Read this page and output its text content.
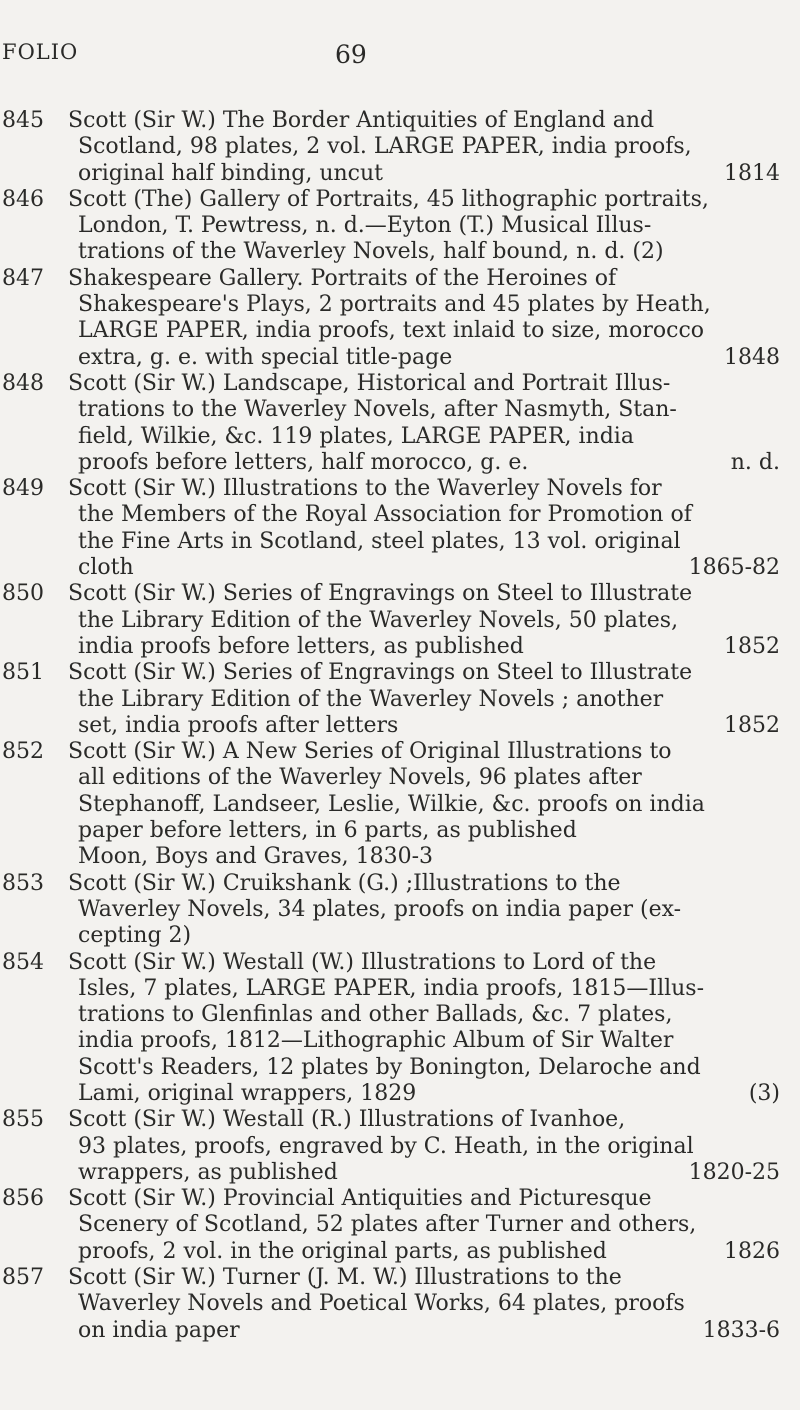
FOLIO	69
845 Scott (Sir W.) The Border Antiquities of England and
Scotland, 98 plates, 2 vol. LARGE PAPER, india proofs,
original half binding, uncut	1814
846 Scott (The) Gallery of Portraits, 45 lithographic portraits,
London, T. Pewtress, n. d.—Eyton (T.) Musical Illus-
trations of the Waverley Novels, half bound, n. d. (2)
847 Shakespeare Gallery. Portraits of the Heroines of
Shakespeare's Plays, 2 portraits and 45 plates by Heath,
LARGE PAPER, india proofs, text inlaid to size, morocco
extra, g. e. with special title-page	1848
848 Scott (Sir W.) Landscape, Historical and Portrait Illus-
trations to the Waverley Novels, after Nasmyth, Stan-
field, Wilkie, &c. 119 plates, LARGE PAPER, india
proofs before letters, half morocco, g. e.	n. d.
849 Scott (Sir W.) Illustrations to the Waverley Novels for
the Members of the Royal Association for Promotion of
the Fine Arts in Scotland, steel plates, 13 vol. original
cloth	1865-82
850 Scott (Sir W.) Series of Engravings on Steel to Illustrate
the Library Edition of the Waverley Novels, 50 plates,
india proofs before letters, as published	1852
851 Scott (Sir W.) Series of Engravings on Steel to Illustrate
the Library Edition of the Waverley Novels ; another
set, india proofs after letters	1852
852 Scott (Sir W.) A New Series of Original Illustrations to
all editions of the Waverley Novels, 96 plates after
Stephanoff, Landseer, Leslie, Wilkie, &c. proofs on india
paper before letters, in 6 parts, as published
Moon, Boys and Graves, 1830-3
853 Scott (Sir W.) Cruikshank (G.) ;Illustrations to the
Waverley Novels, 34 plates, proofs on india paper (ex-
cepting 2)
854 Scott (Sir W.) Westall (W.) Illustrations to Lord of the
Isles, 7 plates, LARGE PAPER, india proofs, 1815—Illus-
trations to Glenfinlas and other Ballads, &c. 7 plates,
india proofs, 1812—Lithographic Album of Sir Walter
Scott's Readers, 12 plates by Bonington, Delaroche and
Lami, original wrappers, 1829	(3)
855 Scott (Sir W.) Westall (R.) Illustrations of Ivanhoe,
93 plates, proofs, engraved by C. Heath, in the original
wrappers, as published	1820-25
856 Scott (Sir W.) Provincial Antiquities and Picturesque
Scenery of Scotland, 52 plates after Turner and others,
proofs, 2 vol. in the original parts, as published	1826
857 Scott (Sir W.) Turner (J. M. W.) Illustrations to the
Waverley Novels and Poetical Works, 64 plates, proofs
on india paper	1833-6
